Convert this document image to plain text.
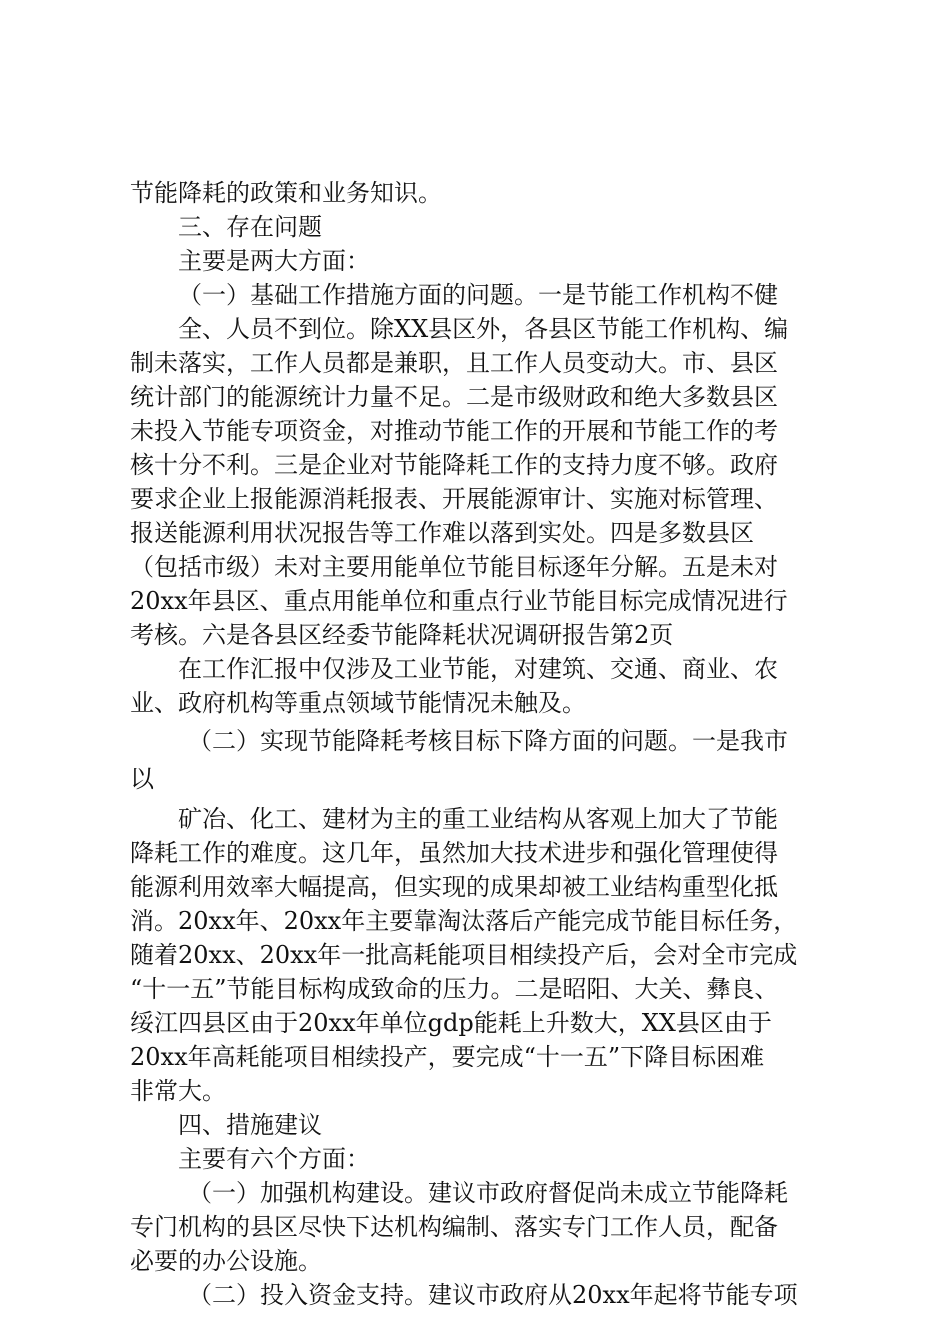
节能降耗的政策和业务知识。
三、存在问题
主要是两大方面：
（一）基础工作措施方面的问题。一是节能工作机构不健
全、人员不到位。除XX县区外，各县区节能工作机构、编
制未落实，工作人员都是兼职，且工作人员变动大。市、县区
统计部门的能源统计力量不足。二是市级财政和绝大多数县区
未投入节能专项资金，对推动节能工作的开展和节能工作的考
核十分不利。三是企业对节能降耗工作的支持力度不够。政府
要求企业上报能源消耗报表、开展能源审计、实施对标管理、
报送能源利用状况报告等工作难以落到实处。四是多数县区
（包括市级）未对主要用能单位节能目标逐年分解。五是未对
20xx年县区、重点用能单位和重点行业节能目标完成情况进行
考核。六是各县区经委节能降耗状况调研报告第2页
在工作汇报中仅涉及工业节能，对建筑、交通、商业、农
业、政府机构等重点领域节能情况未触及。
（二）实现节能降耗考核目标下降方面的问题。一是我市
以
矿冶、化工、建材为主的重工业结构从客观上加大了节能
降耗工作的难度。这几年，虽然加大技术进步和强化管理使得
能源利用效率大幅提高，但实现的成果却被工业结构重型化抵
消。20xx年、20xx年主要靠淘汰落后产能完成节能目标任务，
随着20xx、20xx年一批高耗能项目相续投产后，会对全市完成
“十一五”节能目标构成致命的压力。二是昭阳、大关、彝良、
绥江四县区由于20xx年单位gdp能耗上升数大，XX县区由于
20xx年高耗能项目相续投产，要完成“十一五”下降目标困难
非常大。
四、措施建议
主要有六个方面：
（一）加强机构建设。建议市政府督促尚未成立节能降耗
专门机构的县区尽快下达机构编制、落实专门工作人员，配备
必要的办公设施。
（二）投入资金支持。建议市政府从20xx年起将节能专项
